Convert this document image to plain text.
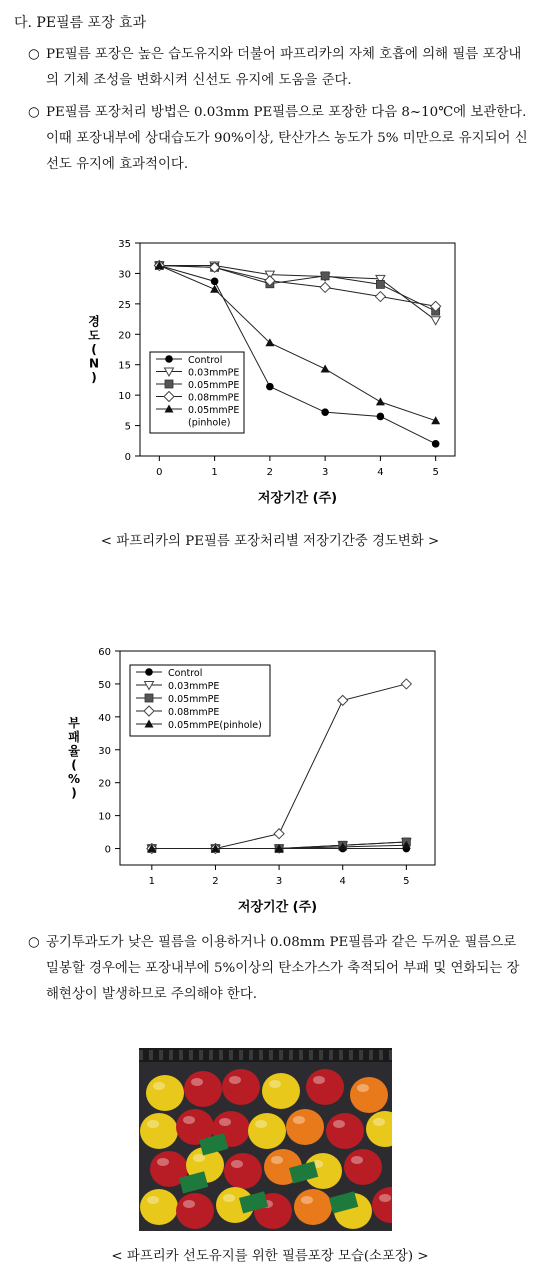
다. PE필름 포장 효과
○ PE필름 포장은 높은 습도유지와 더불어 파프리카의 자체 호흡에 의해 필름 포장내의 기체 조성을 변화시켜 신선도 유지에 도움을 준다.
○ PE필름 포장처리 방법은 0.03mm PE필름으로 포장한 다음 8~10℃에 보관한다. 이때 포장내부에 상대습도가 90%이상, 탄산가스 농도가 5% 미만으로 유지되어 신선도 유지에 효과적이다.
0
5
10
15
20
25
30
35
0	1	2	3	4	5
저장기간 (주)
경
도
(
N
)
Control
0.03mmPE
0.05mmPE
0.08mmPE
0.05mmPE
(pinhole)
< 파프리카의 PE필름 포장처리별 저장기간중 경도변화 >
0
10
20
30
40
50
60
1	2	3	4	5
저장기간 (주)
부
패
율
(
%
)
Control
0.03mmPE
0.05mmPE
0.08mmPE
0.05mmPE(pinhole)
○ 공기투과도가 낮은 필름을 이용하거나 0.08mm PE필름과 같은 두꺼운 필름으로 밀봉할 경우에는 포장내부에 5%이상의 탄소가스가 축적되어 부패 및 연화되는 장해현상이 발생하므로 주의해야 한다.
< 파프리카 선도유지를 위한 필름포장 모습(소포장) >
